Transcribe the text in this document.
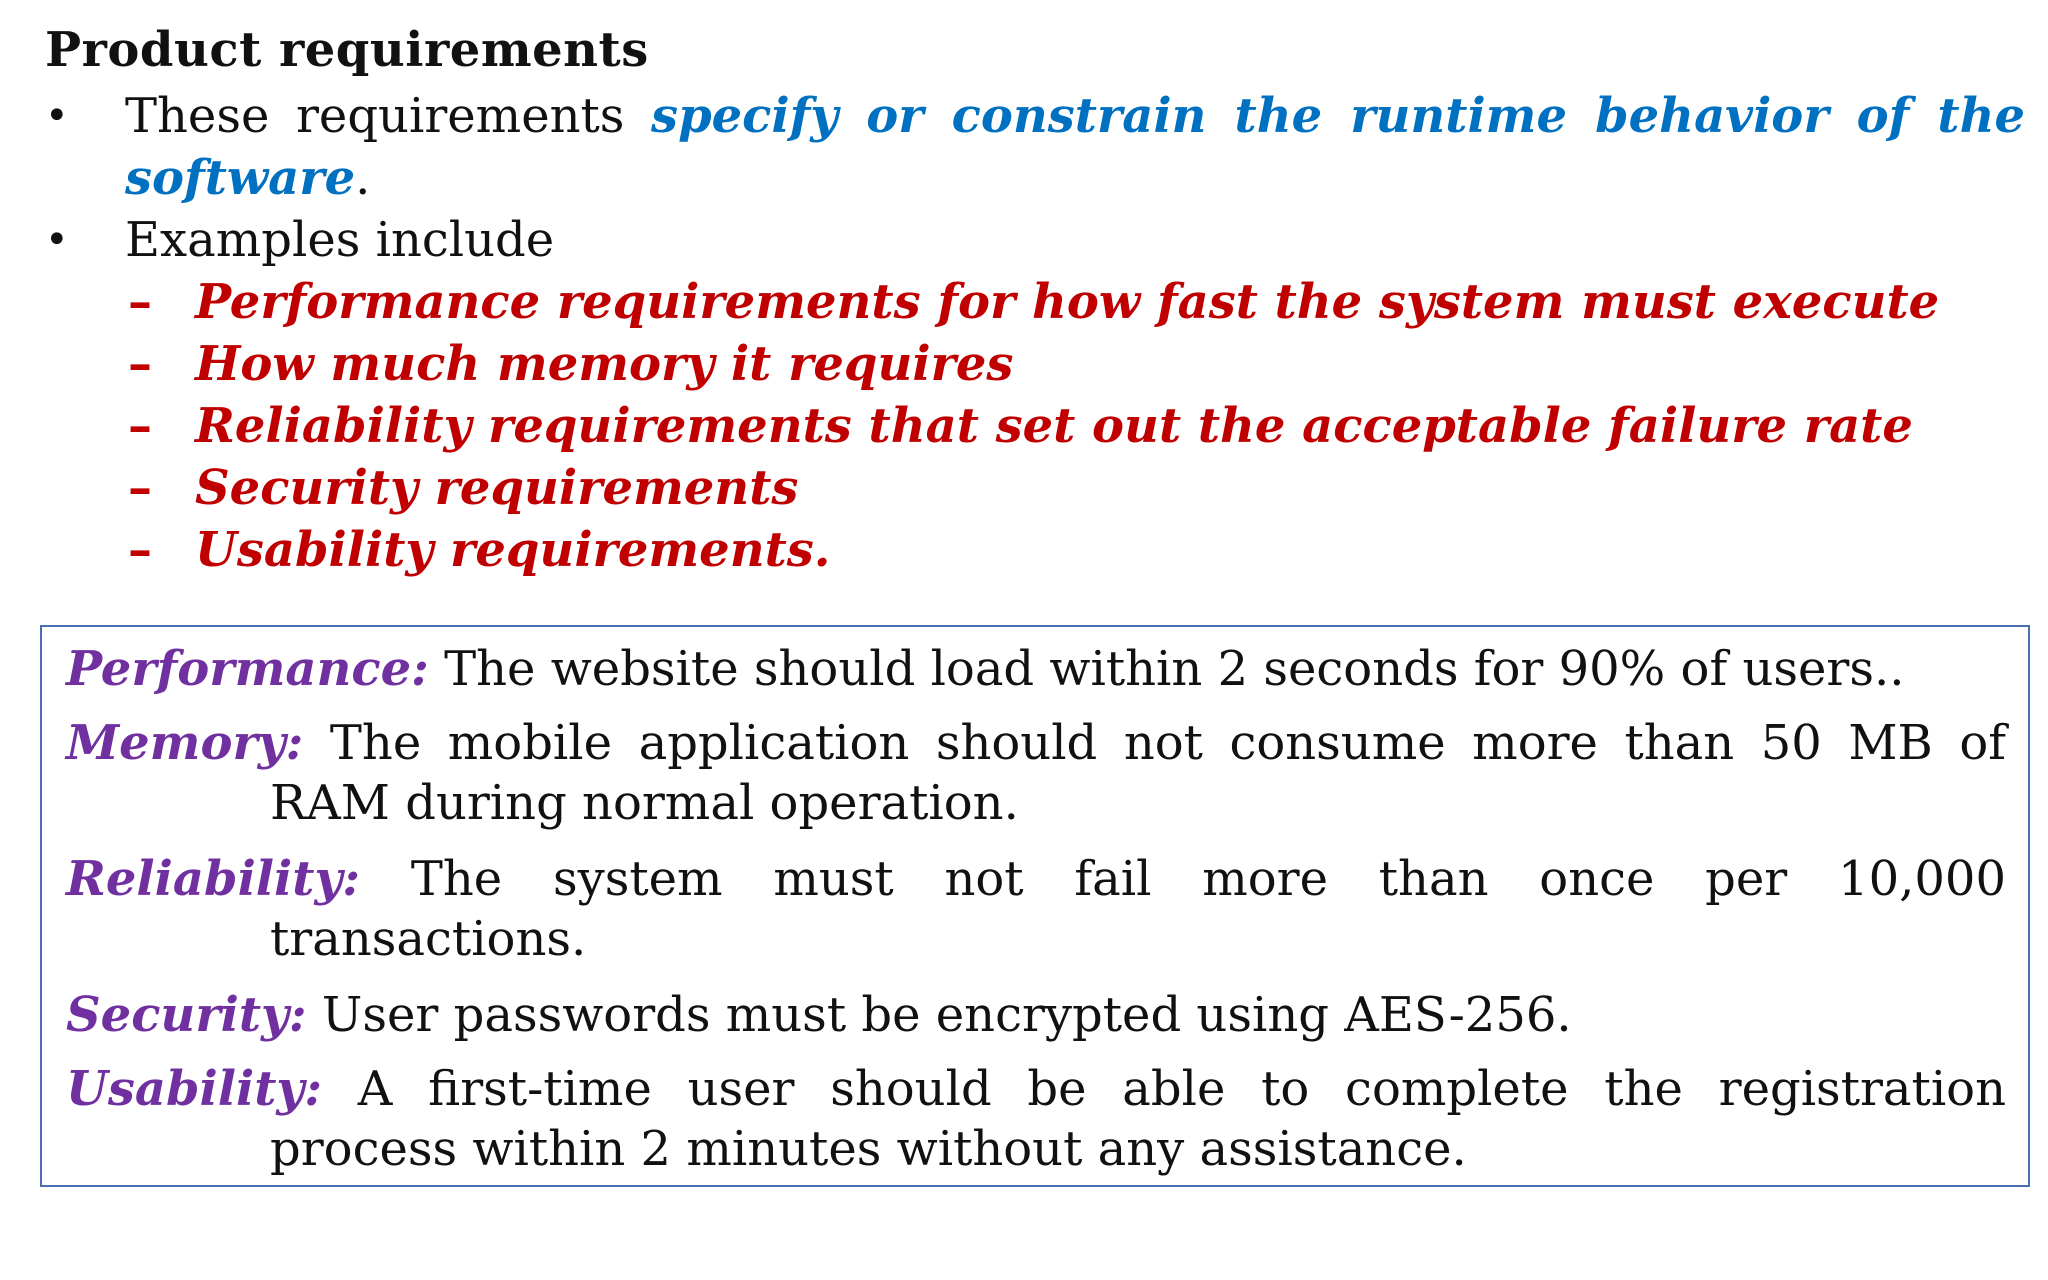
Product requirements
• These requirements specify or constrain the runtime behavior of the
software.
• Examples include
– Performance requirements for how fast the system must execute
– How much memory it requires
– Reliability requirements that set out the acceptable failure rate
– Security requirements
– Usability requirements.
Performance: The website should load within 2 seconds for 90% of users..
Memory: The mobile application should not consume more than 50 MB of
RAM during normal operation.
Reliability: The system must not fail more than once per 10,000
transactions.
Security: User passwords must be encrypted using AES-256.
Usability: A first-time user should be able to complete the registration
process within 2 minutes without any assistance.
